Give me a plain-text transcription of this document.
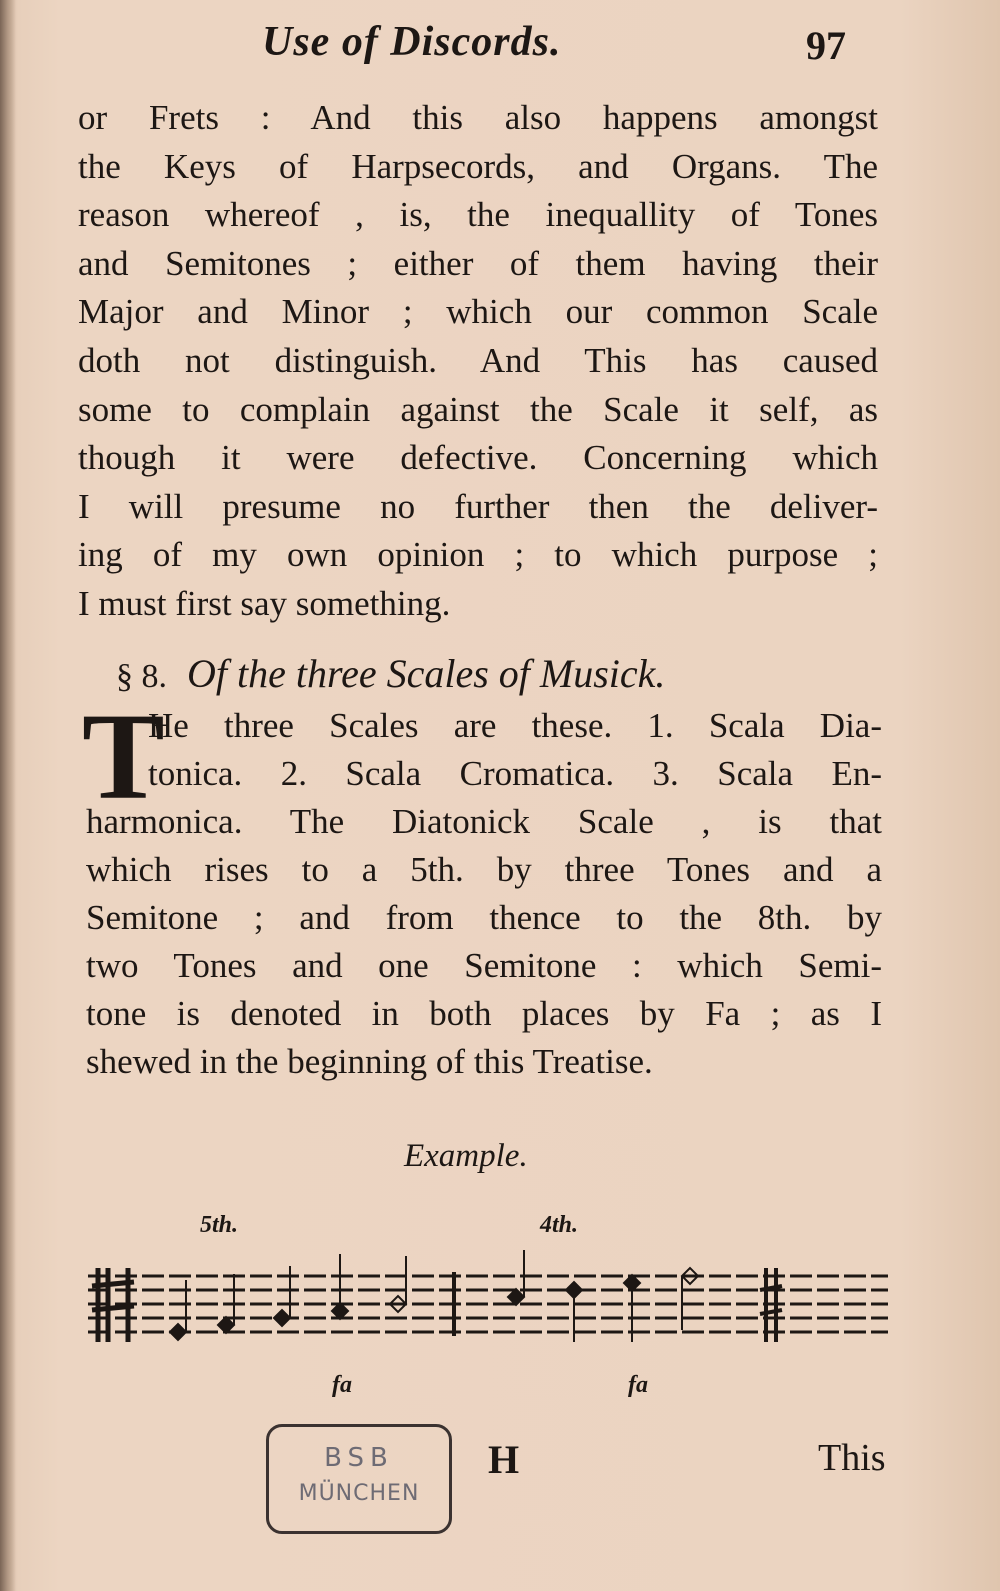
Use of Discords.	97
or Frets : And this also happens amongst
the Keys of Harpsecords, and Organs. The
reason whereof , is, the inequallity of Tones
and Semitones ; either of them having their
Major and Minor ; which our common Scale
doth not distinguish. And This has caused
some to complain against the Scale it self, as
though it were defective. Concerning which
I will presume no further then the deliver-
ing of my own opinion ; to which purpose ;
I must first say something.
§ 8. Of the three Scales of Musick.
T
He three Scales are these. 1. Scala Dia-
tonica. 2. Scala Cromatica. 3. Scala En-
harmonica. The Diatonick Scale , is that
which rises to a 5th. by three Tones and a
Semitone ; and from thence to the 8th. by
two Tones and one Semitone : which Semi-
tone is denoted in both places by Fa ; as I
shewed in the beginning of this Treatise.
Example.
5th.	4th.
fa	fa
BSB
MÜNCHEN
H	This
